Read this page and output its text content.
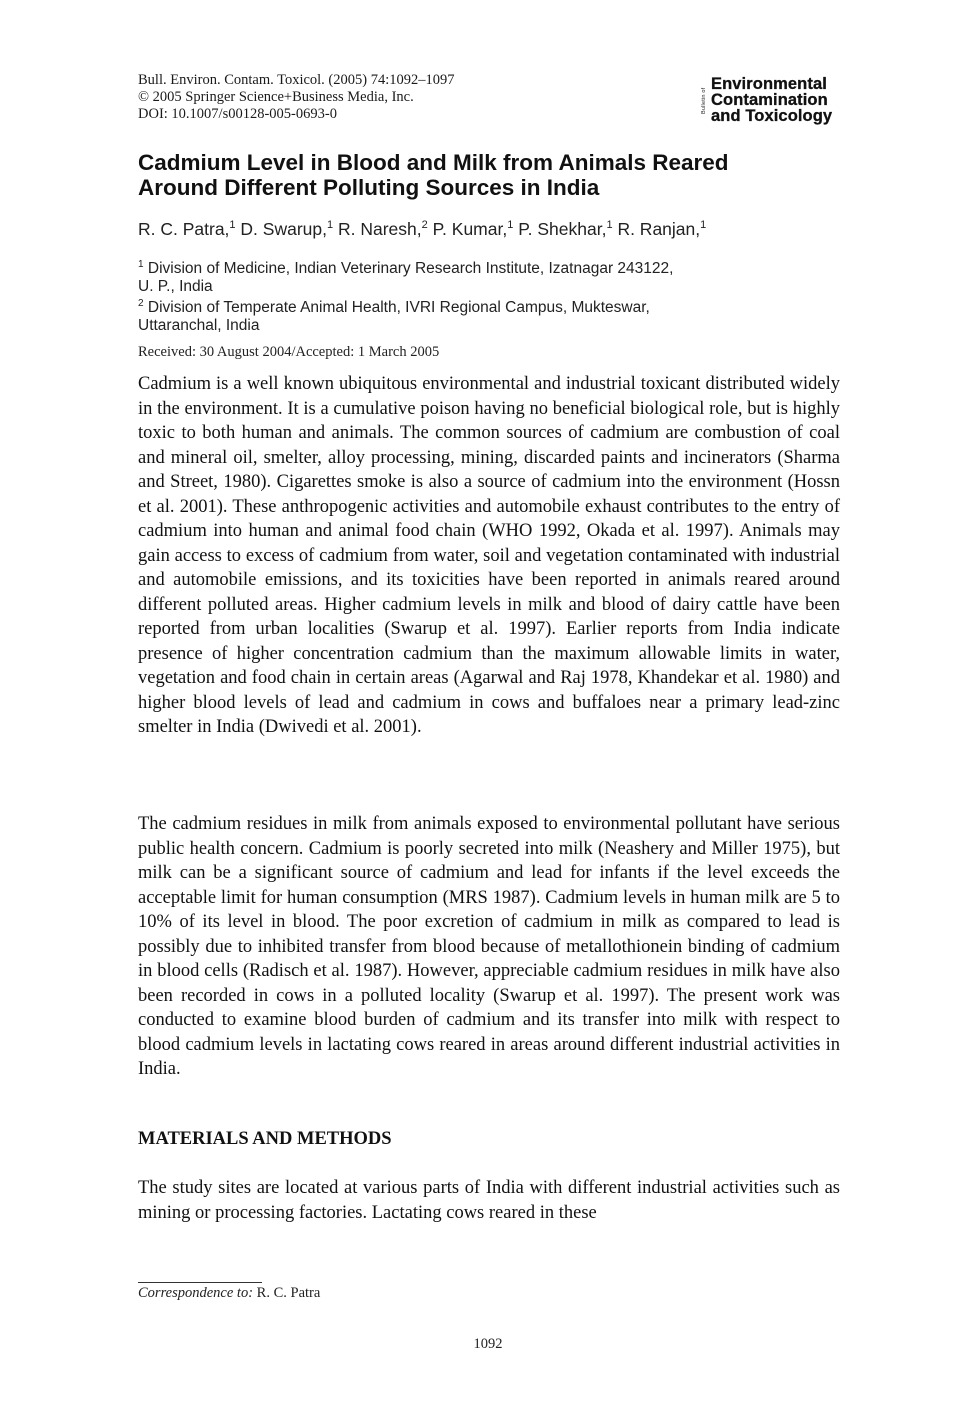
Bull. Environ. Contam. Toxicol. (2005) 74:1092–1097
© 2005 Springer Science+Business Media, Inc.
DOI: 10.1007/s00128-005-0693-0	Bulletin of
Environmental
Contamination
and Toxicology
Cadmium Level in Blood and Milk from Animals Reared
Around Different Polluting Sources in India
R. C. Patra,$^1$ D. Swarup,$^1$ R. Naresh,$^2$ P. Kumar,$^1$ P. Shekhar,$^1$ R. Ranjan,$^1$
$^1$ Division of Medicine, Indian Veterinary Research Institute, Izatnagar 243122,
U. P., India
$^2$ Division of Temperate Animal Health, IVRI Regional Campus, Mukteswar,
Uttaranchal, India
Received: 30 August 2004/Accepted: 1 March 2005

Cadmium is a well known ubiquitous environmental and industrial toxicant distributed widely in the environment. It is a cumulative poison having no beneficial biological role, but is highly toxic to both human and animals. The common sources of cadmium are combustion of coal and mineral oil, smelter, alloy processing, mining, discarded paints and incinerators (Sharma and Street, 1980). Cigarettes smoke is also a source of cadmium into the environment (Hossn et al. 2001). These anthropogenic activities and automobile exhaust contributes to the entry of cadmium into human and animal food chain (WHO 1992, Okada et al. 1997). Animals may gain access to excess of cadmium from water, soil and vegetation contaminated with industrial and automobile emissions, and its toxicities have been reported in animals reared around different polluted areas. Higher cadmium levels in milk and blood of dairy cattle have been reported from urban localities (Swarup et al. 1997). Earlier reports from India indicate presence of higher concentration cadmium than the maximum allowable limits in water, vegetation and food chain in certain areas (Agarwal and Raj 1978, Khandekar et al. 1980) and higher blood levels of lead and cadmium in cows and buffaloes near a primary lead-zinc smelter in India (Dwivedi et al. 2001).

The cadmium residues in milk from animals exposed to environmental pollutant have serious public health concern. Cadmium is poorly secreted into milk (Neashery and Miller 1975), but milk can be a significant source of cadmium and lead for infants if the level exceeds the acceptable limit for human consumption (MRS 1987). Cadmium levels in human milk are 5 to 10% of its level in blood. The poor excretion of cadmium in milk as compared to lead is possibly due to inhibited transfer from blood because of metallothionein binding of cadmium in blood cells (Radisch et al. 1987). However, appreciable cadmium residues in milk have also been recorded in cows in a polluted locality (Swarup et al. 1997). The present work was conducted to examine blood burden of cadmium and its transfer into milk with respect to blood cadmium levels in lactating cows reared in areas around different industrial activities in India.

MATERIALS AND METHODS

The study sites are located at various parts of India with different industrial activities such as mining or processing factories. Lactating cows reared in these

Correspondence to: R. C. Patra
1092
